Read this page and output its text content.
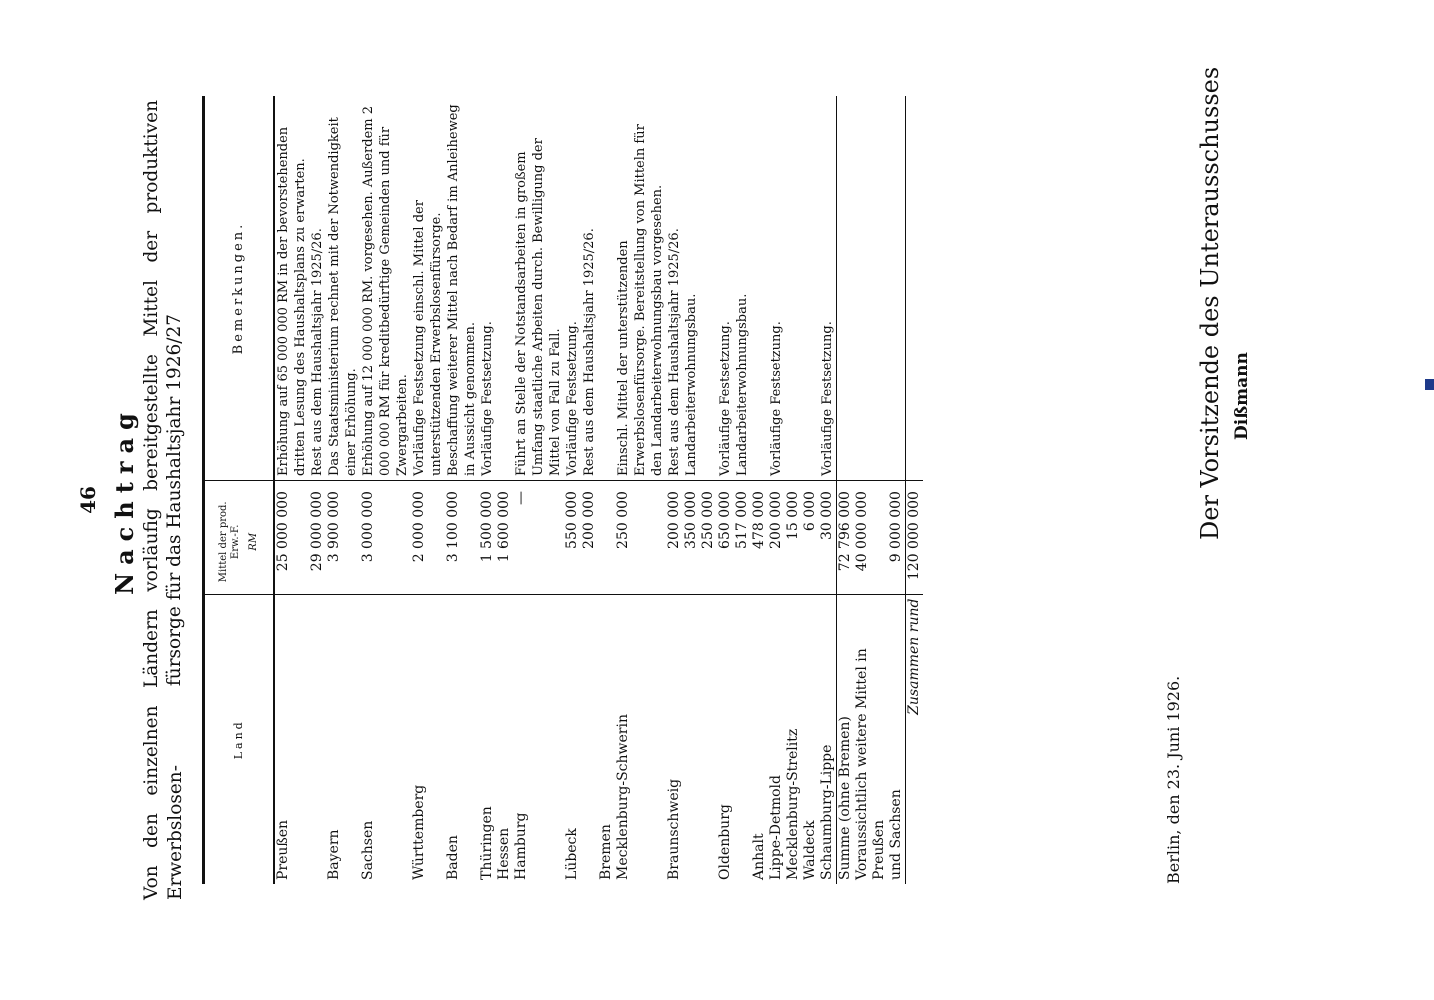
46 Nachtrag Von den einzelnen Ländern vorläufig bereitgestellte Mittel der produktiven Erwerbslosen-
fürsorge für das Haushaltsjahr 1926/27
Land	Mittel der prod. Erw.-F. RM	Bemerkungen.
Preußen	25 000 000	Erhöhung auf 65 000 000 RM in der bevorstehenden dritten Lesung des Haushaltsplans zu erwarten.
	29 000 000	Rest aus dem Haushaltsjahr 1925/26.
Bayern	3 900 000	Das Staatsministerium rechnet mit der Notwendigkeit einer Erhöhung.
Sachsen	3 000 000	Erhöhung auf 12 000 000 RM. vorgesehen. Außerdem 2 000 000 RM für kreditbedürftige Gemeinden und für Zwergarbeiten.
Württemberg	2 000 000	Vorläufige Festsetzung einschl. Mittel der unterstützenden Erwerbslosenfürsorge.
Baden	3 100 000	Beschaffung weiterer Mittel nach Bedarf im Anleiheweg in Aussicht genommen.
Thüringen	1 500 000	Vorläufige Festsetzung.
Hessen	1 600 000	
Hamburg	—	Führt an Stelle der Notstandsarbeiten in großem Umfang staatliche Arbeiten durch. Bewilligung der Mittel von Fall zu Fall.
Lübeck	550 000	Vorläufige Festsetzung.
	200 000	Rest aus dem Haushaltsjahr 1925/26.
Bremen		
Mecklenburg-Schwerin	250 000	Einschl. Mittel der unterstützenden Erwerbslosenfürsorge. Bereitstellung von Mitteln für den Landarbeiterwohnungsbau vorgesehen.
Braunschweig	200 000	Rest aus dem Haushaltsjahr 1925/26.
	350 000	Landarbeiterwohnungsbau.
	250 000	
Oldenburg	650 000	Vorläufige Festsetzung.
	517 000	Landarbeiterwohnungsbau.
Anhalt	478 000	
Lippe-Detmold	200 000	Vorläufige Festsetzung.
Mecklenburg-Strelitz	15 000	
Waldeck	6 000	
Schaumburg-Lippe	30 000	Vorläufige Festsetzung.
Summe (ohne Bremen)	72 796 000	
Voraussichtlich weitere Mittel in Preußen	40 000 000	
und Sachsen	9 000 000	
Zusammen rund	120 000 000	
Berlin, den 23. Juni 1926.
Der Vorsitzende des Unterausschusses Dißmann
